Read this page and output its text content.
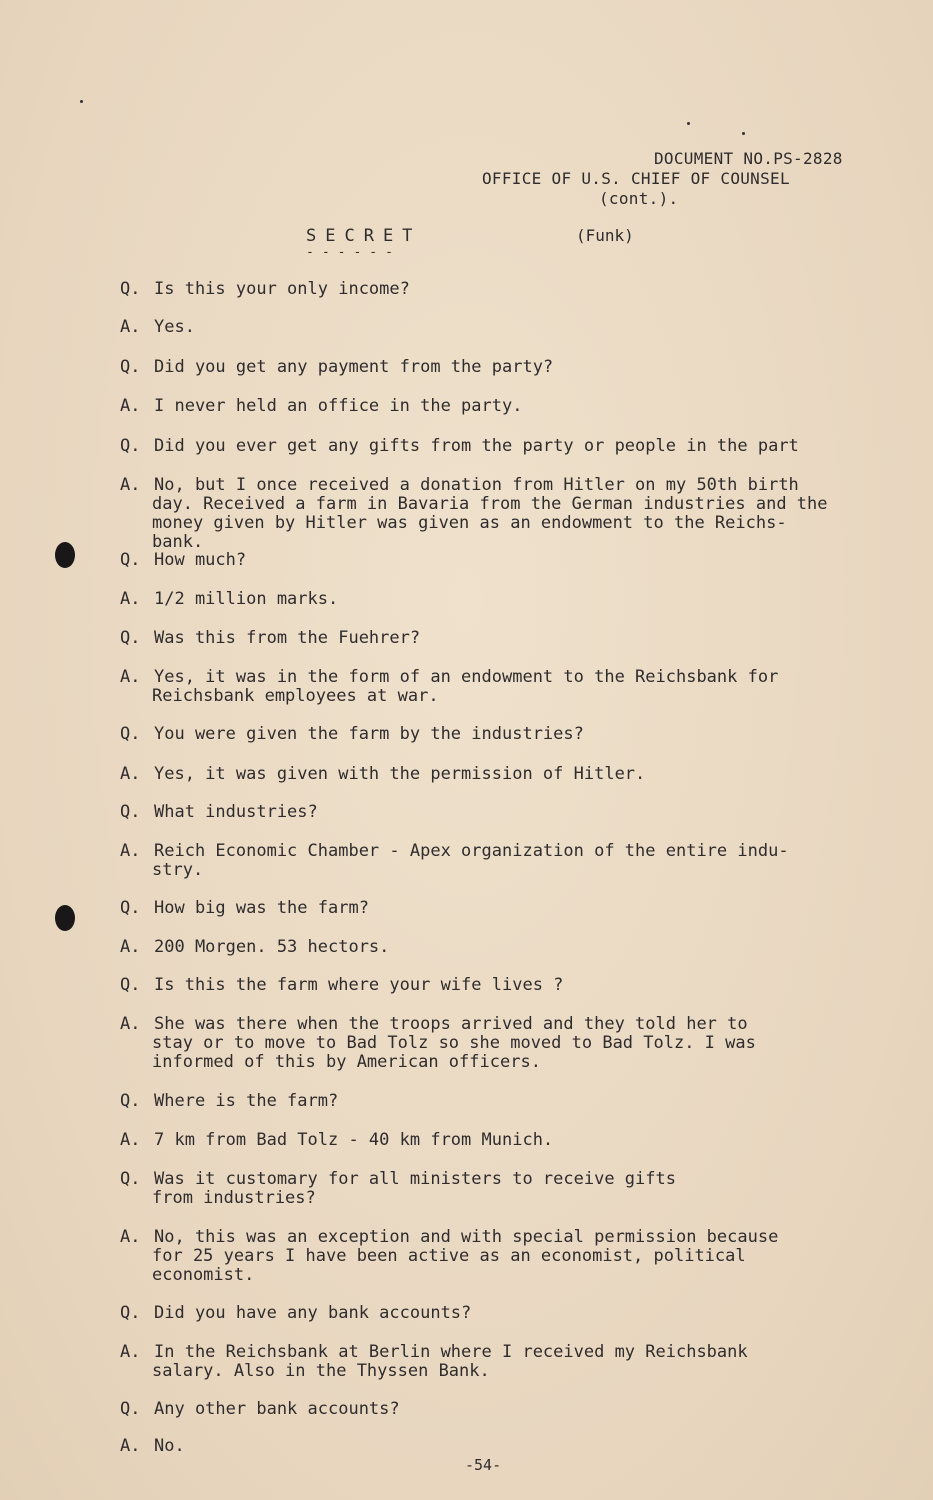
DOCUMENT NO.PS-2828
OFFICE OF U.S. CHIEF OF COUNSEL
(cont.).
SECRET
------
(Funk)
Q. Is this your only income?
A. Yes.
Q. Did you get any payment from the party?
A. I never held an office in the party.
Q. Did you ever get any gifts from the party or people in the part
A. No, but I once received a donation from Hitler on my 50th birth
day. Received a farm in Bavaria from the German industries and the
money given by Hitler was given as an endowment to the Reichs-
bank.
Q. How much?
A. 1/2 million marks.
Q. Was this from the Fuehrer?
A. Yes, it was in the form of an endowment to the Reichsbank for
Reichsbank employees at war.
Q. You were given the farm by the industries?
A. Yes, it was given with the permission of Hitler.
Q. What industries?
A. Reich Economic Chamber - Apex organization of the entire indu-
stry.
Q. How big was the farm?
A. 200 Morgen. 53 hectors.
Q. Is this the farm where your wife lives ?
A. She was there when the troops arrived and they told her to
stay or to move to Bad Tolz so she moved to Bad Tolz. I was
informed of this by American officers.
Q. Where is the farm?
A. 7 km from Bad Tolz - 40 km from Munich.
Q. Was it customary for all ministers to receive gifts
from industries?
A. No, this was an exception and with special permission because
for 25 years I have been active as an economist, political
economist.
Q. Did you have any bank accounts?
A. In the Reichsbank at Berlin where I received my Reichsbank
salary. Also in the Thyssen Bank.
Q. Any other bank accounts?
A. No.
-54-
